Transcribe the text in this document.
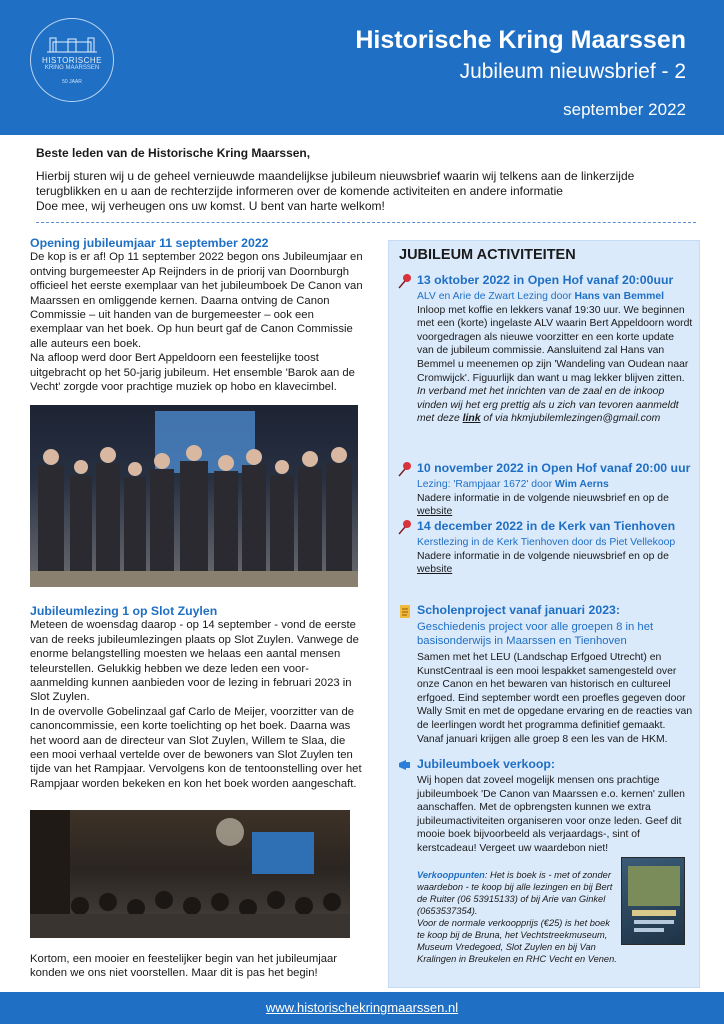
HISTORISCHE
KRING MAARSSEN
50 JAAR
Historische Kring Maarssen
Jubileum nieuwsbrief - 2
september 2022
Beste leden van de Historische Kring Maarssen,
Hierbij sturen wij u de geheel vernieuwde maandelijkse jubileum nieuwsbrief waarin wij telkens aan de linkerzijde terugblikken en u aan de rechterzijde informeren over de komende activiteiten en andere informatie
Doe mee, wij verheugen ons uw komst. U bent van harte welkom!
Opening jubileumjaar 11 september 2022

De kop is er af! Op 11 september 2022 begon ons Jubileumjaar en ontving burgemeester Ap Reijnders in de priorij van Doornburgh officieel het eerste exemplaar van het jubileumboek De Canon van Maarssen en omliggende kernen. Daarna ontving de Canon Commissie – uit handen van de burgemeester – ook een exemplaar van het boek. Op hun beurt gaf de Canon Commissie alle auteurs een boek.

Na afloop werd door Bert Appeldoorn een feestelijke toost uitgebracht op het 50-jarig jubileum. Het ensemble 'Barok aan de Vecht' zorgde voor prachtige muziek op hobo en klavecimbel.

Jubileumlezing 1 op Slot Zuylen

Meteen de woensdag daarop - op 14 september - vond de eerste van de reeks jubileumlezingen plaats op Slot Zuylen. Vanwege de enorme belangstelling moesten we helaas een aantal mensen teleurstellen. Gelukkig hebben we deze leden een voor-aanmelding kunnen aanbieden voor de lezing in februari 2023 in Slot Zuylen.

In de overvolle Gobelinzaal gaf Carlo de Meijer, voorzitter van de canoncommissie, een korte toelichting op het boek. Daarna was het woord aan de directeur van Slot Zuylen, Willem te Slaa, die een mooi verhaal vertelde over de bewoners van Slot Zuylen ten tijde van het Rampjaar. Vervolgens kon de tentoonstelling over het Rampjaar worden bekeken en kon het boek worden aangeschaft.

Kortom, een mooier en feestelijker begin van het jubileumjaar konden we ons niet voorstellen. Maar dit is pas het begin!

JUBILEUM ACTIVITEITEN
13 oktober 2022 in Open Hof vanaf 20:00uur
ALV en Arie de Zwart Lezing door Hans van Bemmel
Inloop met koffie en lekkers vanaf 19:30 uur. We beginnen met een (korte) ingelaste ALV waarin Bert Appeldoorn wordt voorgedragen als nieuwe voorzitter en een korte update van de jubileum commissie. Aansluitend zal Hans van Bemmel u meenemen op zijn 'Wandeling van Oudean naar Cromwijck'. Figuurlijk dan want u mag lekker blijven zitten.
In verband met het inrichten van de zaal en de inkoop vinden wij het erg prettig als u zich van tevoren aanmeldt met deze link of via hkmjubilemlezingen@gmail.com
10 november 2022 in Open Hof vanaf 20:00 uur
Lezing: 'Rampjaar 1672' door Wim Aerns
Nadere informatie in de volgende nieuwsbrief en op de website
14 december 2022 in de Kerk van Tienhoven
Kerstlezing in de Kerk Tienhoven door ds Piet Vellekoop
Nadere informatie in de volgende nieuwsbrief en op de website
Scholenproject vanaf januari 2023:
Geschiedenis project voor alle groepen 8 in het basisonderwijs in Maarssen en Tienhoven
Samen met het LEU (Landschap Erfgoed Utrecht) en KunstCentraal is een mooi lespakket samengesteld over onze Canon en het bewaren van historisch en cultureel erfgoed. Eind september wordt een proefles gegeven door Wally Smit en met de opgedane ervaring en de reacties van de leerlingen wordt het programma definitief gemaakt. Vanaf januari krijgen alle groep 8 een les van de HKM.
Jubileumboek verkoop:
Wij hopen dat zoveel mogelijk mensen ons prachtige jubileumboek 'De Canon van Maarssen e.o. kernen' zullen aanschaffen. Met de opbrengsten kunnen we extra jubileumactiviteiten organiseren voor onze leden. Geef dit mooie boek bijvoorbeeld als verjaardags-, sint of kerstcadeau! Vergeet uw waardebon niet!
Verkooppunten: Het is boek is - met of zonder waardebon - te koop bij alle lezingen en bij Bert de Ruiter (06 53915133) of bij Arie van Ginkel (0653537354).
Voor de normale verkoopprijs (€25) is het boek te koop bij de Bruna, het Vechtstreekmuseum, Museum Vredegoed, Slot Zuylen en bij Van Kralingen in Breukelen en RHC Vecht en Venen.
www.historischekringmaarssen.nl
